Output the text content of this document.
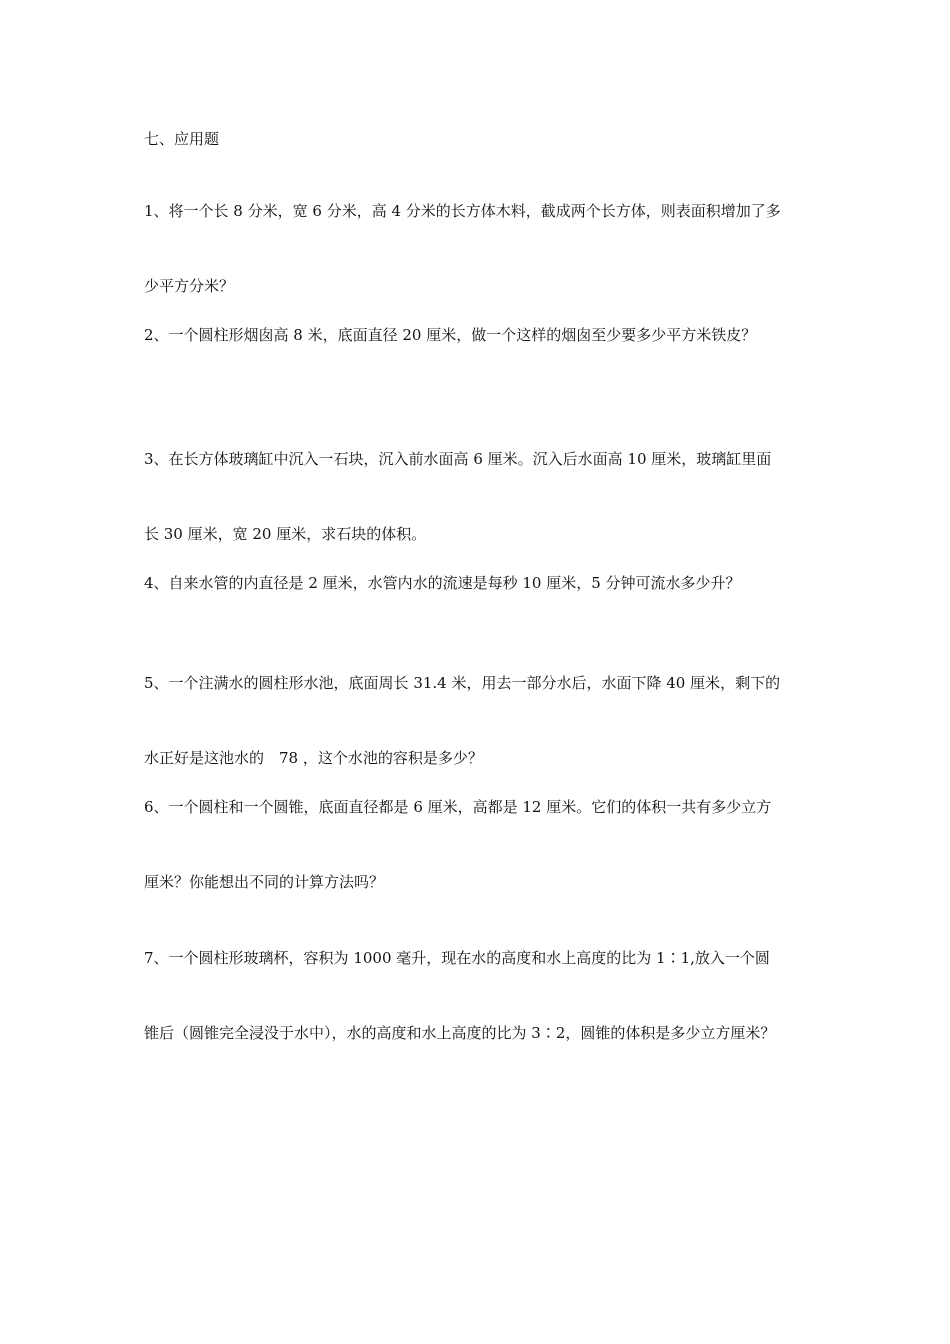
七、应用题

1、将一个长 8 分米，宽 6 分米，高 4 分米的长方体木料，截成两个长方体，则表面积增加了多

少平方分米？

2、一个圆柱形烟囱高 8 米，底面直径 20 厘米，做一个这样的烟囱至少要多少平方米铁皮？

3、在长方体玻璃缸中沉入一石块，沉入前水面高 6 厘米。沉入后水面高 10 厘米，玻璃缸里面

长 30 厘米，宽 20 厘米，求石块的体积。

4、自来水管的内直径是 2 厘米，水管内水的流速是每秒 10 厘米，5 分钟可流水多少升？

5、一个注满水的圆柱形水池，底面周长 31.4 米，用去一部分水后，水面下降 40 厘米，剩下的

水正好是这池水的　78 ，这个水池的容积是多少？

6、一个圆柱和一个圆锥，底面直径都是 6 厘米，高都是 12 厘米。它们的体积一共有多少立方

厘米？你能想出不同的计算方法吗？

7、一个圆柱形玻璃杯，容积为 1000 毫升，现在水的高度和水上高度的比为 1∶1,放入一个圆

锥后（圆锥完全浸没于水中），水的高度和水上高度的比为 3∶2，圆锥的体积是多少立方厘米？
